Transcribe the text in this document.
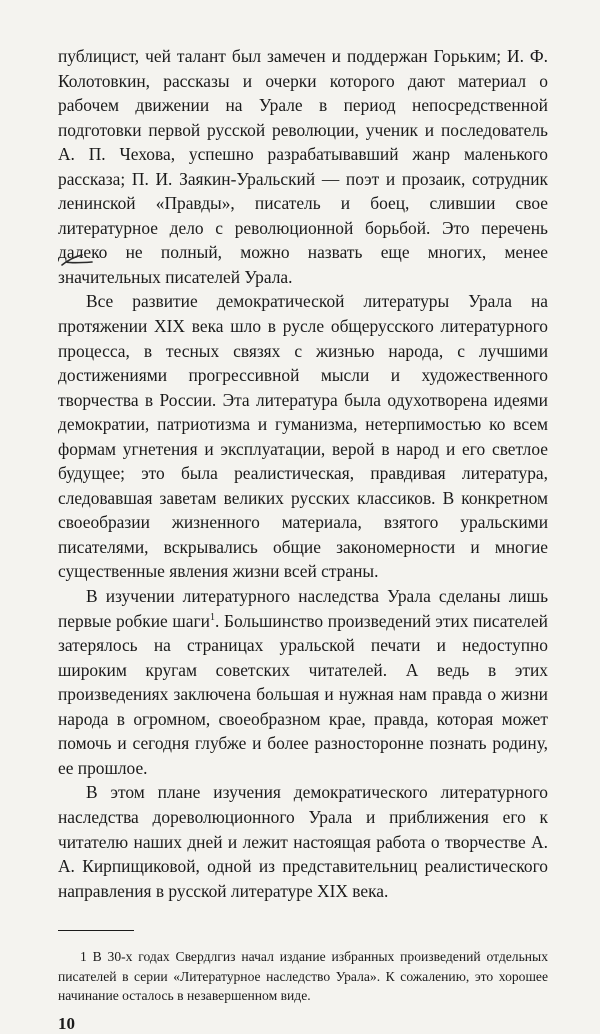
публицист, чей талант был замечен и поддержан Горьким; И. Ф. Колотовкин, рассказы и очерки которого дают материал о рабочем движении на Урале в период непосредственной подготовки первой русской революции, ученик и последователь А. П. Чехова, успешно разрабатывавший жанр маленького рассказа; П. И. Заякин-Уральский — поэт и прозаик, сотрудник ленинской «Правды», писатель и боец, слившии свое литературное дело с революционной борьбой. Это перечень далеко не полный, можно назвать еще многих, менее значительных писателей Урала.

Все развитие демократической литературы Урала на протяжении XIX века шло в русле общерусского литературного процесса, в тесных связях с жизнью народа, с лучшими достижениями прогрессивной мысли и художественного творчества в России. Эта литература была одухотворена идеями демократии, патриотизма и гуманизма, нетерпимостью ко всем формам угнетения и эксплуатации, верой в народ и его светлое будущее; это была реалистическая, правдивая литература, следовавшая заветам великих русских классиков. В конкретном своеобразии жизненного материала, взятого уральскими писателями, вскрывались общие закономерности и многие существенные явления жизни всей страны.

В изучении литературного наследства Урала сделаны лишь первые робкие шаги$^1$. Большинство произведений этих писателей затерялось на страницах уральской печати и недоступно широким кругам советских читателей. А ведь в этих произведениях заключена большая и нужная нам правда о жизни народа в огромном, своеобразном крае, правда, которая может помочь и сегодня глубже и более разносторонне познать родину, ее прошлое.

В этом плане изучения демократического литературного наследства дореволюционного Урала и приближения его к читателю наших дней и лежит настоящая работа о творчестве А. А. Кирпищиковой, одной из представительниц реалистического направления в русской литературе XIX века.

1 В 30-х годах Свердлгиз начал издание избранных произведений отдельных писателей в серии «Литературное наследство Урала». К сожалению, это хорошее начинание осталось в незавершенном виде.

10
